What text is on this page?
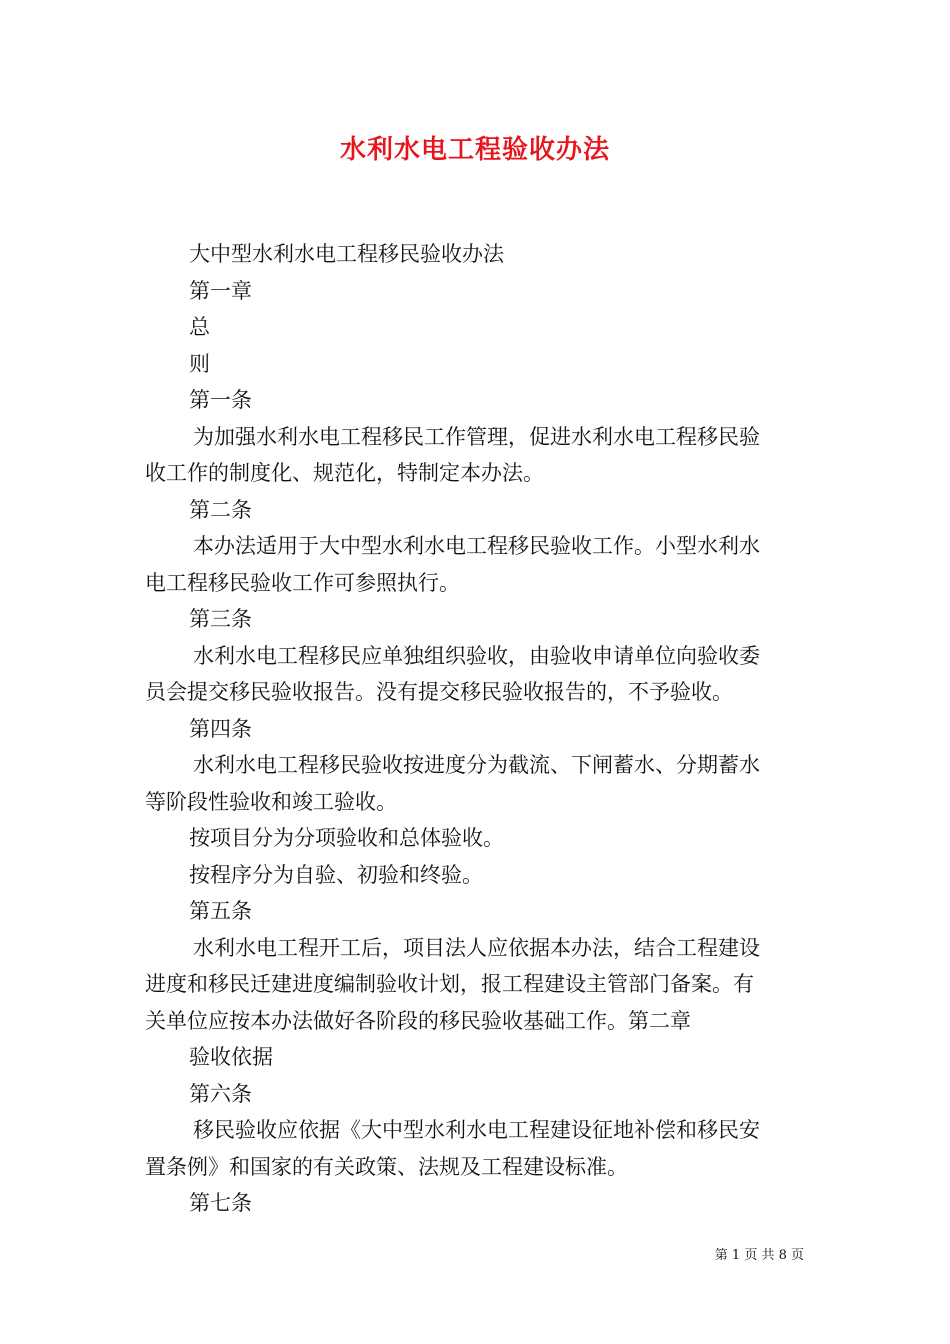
水利水电工程验收办法
大中型水利水电工程移民验收办法
第一章
总
则
第一条
为加强水利水电工程移民工作管理，促进水利水电工程移民验
收工作的制度化、规范化，特制定本办法。
第二条
本办法适用于大中型水利水电工程移民验收工作。小型水利水
电工程移民验收工作可参照执行。
第三条
水利水电工程移民应单独组织验收，由验收申请单位向验收委
员会提交移民验收报告。没有提交移民验收报告的，不予验收。
第四条
水利水电工程移民验收按进度分为截流、下闸蓄水、分期蓄水
等阶段性验收和竣工验收。
按项目分为分项验收和总体验收。
按程序分为自验、初验和终验。
第五条
水利水电工程开工后，项目法人应依据本办法，结合工程建设
进度和移民迁建进度编制验收计划，报工程建设主管部门备案。有
关单位应按本办法做好各阶段的移民验收基础工作。第二章
验收依据
第六条
移民验收应依据《大中型水利水电工程建设征地补偿和移民安
置条例》和国家的有关政策、法规及工程建设标准。
第七条
第 1 页 共 8 页
